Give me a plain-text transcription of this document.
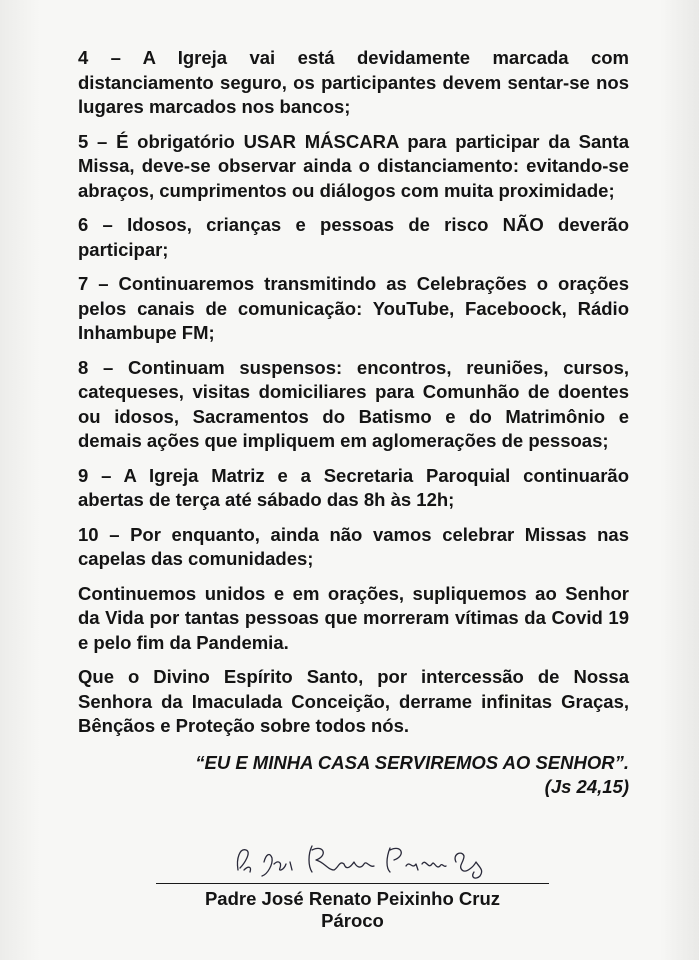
4 – A Igreja vai está devidamente marcada com distanciamento seguro, os participantes devem sentar-se nos lugares marcados nos bancos;

5 – É obrigatório USAR MÁSCARA para participar da Santa Missa, deve-se observar ainda o distanciamento: evitando-se abraços, cumprimentos ou diálogos com muita proximidade;

6 – Idosos, crianças e pessoas de risco NÃO deverão participar;

7 – Continuaremos transmitindo as Celebrações o orações pelos canais de comunicação: YouTube, Faceboock, Rádio Inhambupe FM;

8 – Continuam suspensos: encontros, reuniões, cursos, catequeses, visitas domiciliares para Comunhão de doentes ou idosos, Sacramentos do Batismo e do Matrimônio e demais ações que impliquem em aglomerações de pessoas;

9 – A Igreja Matriz e a Secretaria Paroquial continuarão abertas de terça até sábado das 8h às 12h;

10 – Por enquanto, ainda não vamos celebrar Missas nas capelas das comunidades;

Continuemos unidos e em orações, supliquemos ao Senhor da Vida por tantas pessoas que morreram vítimas da Covid 19 e pelo fim da Pandemia.

Que o Divino Espírito Santo, por intercessão de Nossa Senhora da Imaculada Conceição, derrame infinitas Graças, Bênçãos e Proteção sobre todos nós.

“EU E MINHA CASA SERVIREMOS AO SENHOR”.
(Js 24,15)
Padre José Renato Peixinho Cruz
Pároco
